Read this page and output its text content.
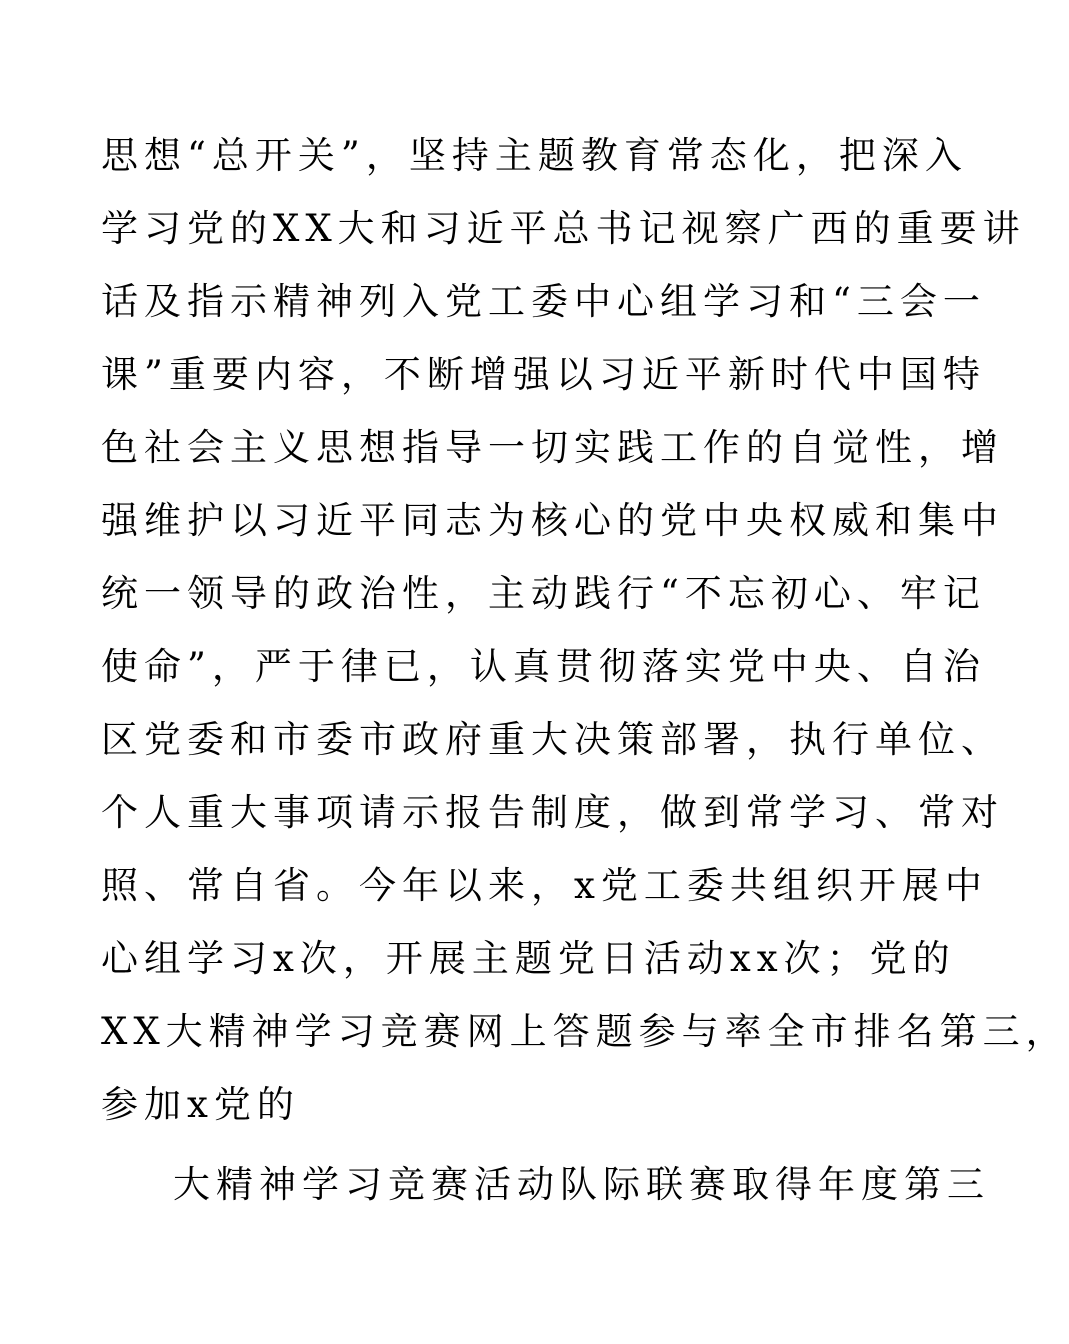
思想“总开关”，坚持主题教育常态化，把深入
学习党的XX大和习近平总书记视察广西的重要讲
话及指示精神列入党工委中心组学习和“三会一
课”重要内容，不断增强以习近平新时代中国特
色社会主义思想指导一切实践工作的自觉性，增
强维护以习近平同志为核心的党中央权威和集中
统一领导的政治性，主动践行“不忘初心、牢记
使命”，严于律已，认真贯彻落实党中央、自治
区党委和市委市政府重大决策部署，执行单位、
个人重大事项请示报告制度，做到常学习、常对
照、常自省。今年以来，x党工委共组织开展中
心组学习x次，开展主题党日活动xx次；党的
XX大精神学习竞赛网上答题参与率全市排名第三，
参加x党的
大精神学习竞赛活动队际联赛取得年度第三
